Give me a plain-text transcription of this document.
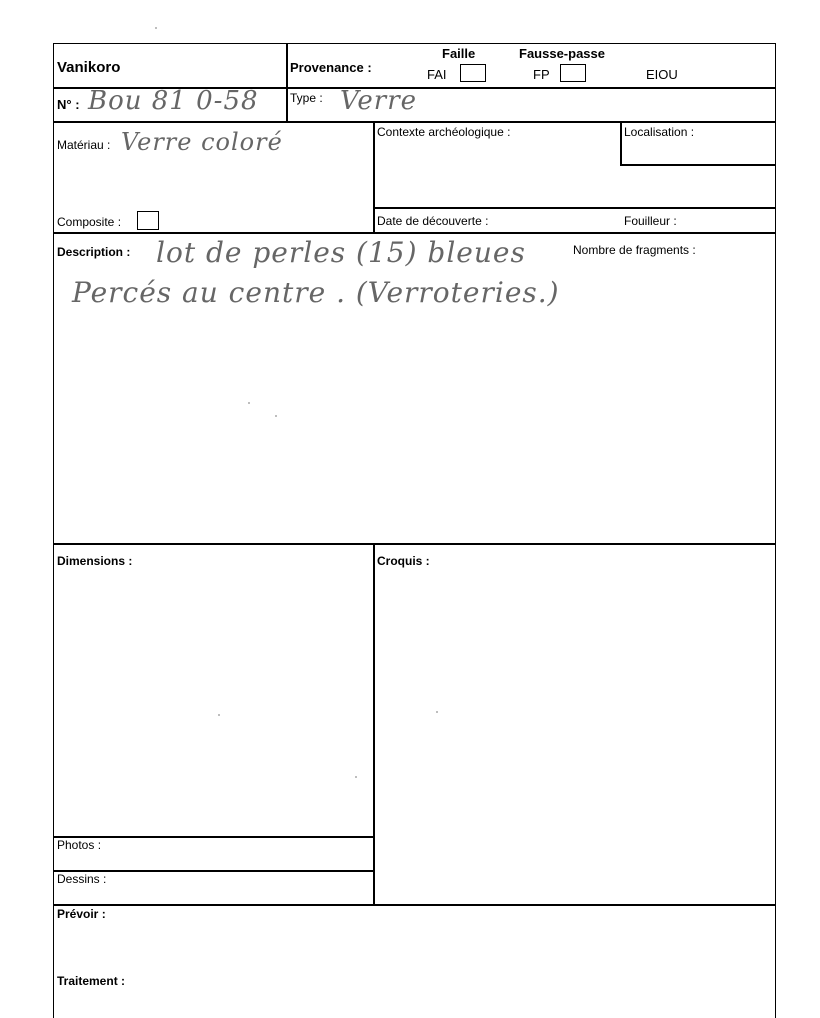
Vanikoro	Provenance :
Faille	Fausse-passe
FAI	FP	EIOU
N° : Bou 81 0-58	Type : Verre
Matériau : Verre coloré
Composite :
Contexte archéologique :	Localisation :
Date de découverte :	Fouilleur :
Description : lot de perles (15) bleues
Percés au centre . (Verroteries.)
Nombre de fragments :
Dimensions :	Croquis :
Photos :
Dessins :
Prévoir :
Traitement :
